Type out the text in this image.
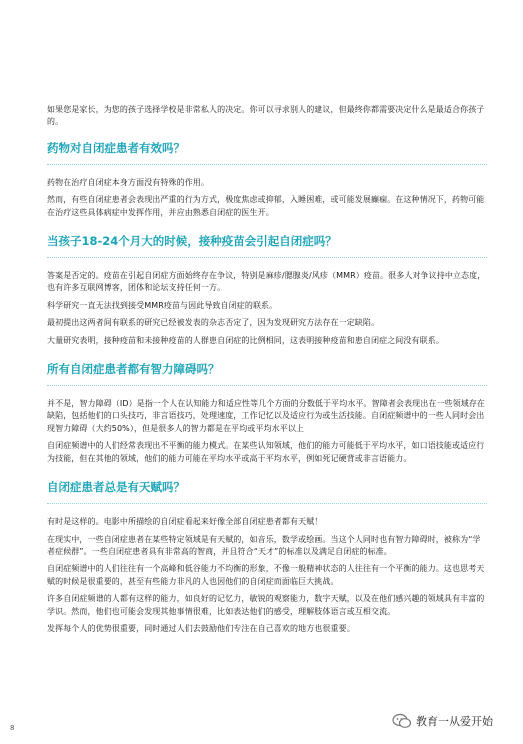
如果您是家长，为您的孩子选择学校是非常私人的决定。你可以寻求别人的建议，但最终你都需要决定什么是最适合你孩子的。

药物对自闭症患者有效吗？

药物在治疗自闭症本身方面没有特殊的作用。

然而，有些自闭症患者会表现出严重的行为方式，极度焦虑或抑郁，入睡困难，或可能发展癫痫。在这种情况下，药物可能在治疗这些具体病症中发挥作用，并应由熟悉自闭症的医生开。

当孩子18-24个月大的时候，接种疫苗会引起自闭症吗？

答案是否定的。疫苗在引起自闭症方面始终存在争议，特别是麻疹/腮腺炎/风疹（MMR）疫苗。很多人对争议持中立态度，也有许多互联网博客，团体和论坛支持任何一方。

科学研究一直无法找到接受MMR疫苗与因此导致自闭症的联系。

最初提出这两者间有联系的研究已经被发表的杂志否定了，因为发现研究方法存在一定缺陷。

大量研究表明，接种疫苗和未接种疫苗的人群患自闭症的比例相同，这表明接种疫苗和患自闭症之间没有联系。

所有自闭症患者都有智力障碍吗？

并不是，智力障碍（ID）是指一个人在认知能力和适应性等几个方面的分数低于平均水平。智障者会表现出在一些领域存在缺陷，包括他们的口头技巧，非言语技巧，处理速度，工作记忆以及适应行为或生活技能。自闭症频谱中的一些人同时会出现智力障碍（大约50%），但是很多人的智力都是在平均或平均水平以上

自闭症频谱中的人们经常表现出不平衡的能力模式。在某些认知领域，他们的能力可能低于平均水平，如口语技能或适应行为技能，但在其他的领域，他们的能力可能在平均水平或高于平均水平，例如死记硬背或非言语能力。

自闭症患者总是有天赋吗？

有时是这样的。电影中所描绘的自闭症看起来好像全部自闭症患者都有天赋！

在现实中，一些自闭症患者在某些特定领域是有天赋的，如音乐，数学或绘画。当这个人同时也有智力障碍时，被称为“学者症候群”。一些自闭症患者具有非常高的智商，并且符合“天才”的标准以及满足自闭症的标准。

自闭症频谱中的人们往往有一个高峰和低谷能力不均衡的形象，不像一般精神状态的人往往有一个平衡的能力。这也思考天赋的时候是很重要的，甚至有些能力非凡的人也因他们的自闭症而面临巨大挑战。

许多自闭症频谱的人都有这样的能力，如良好的记忆力，敏锐的观察能力，数字天赋，以及在他们感兴趣的领域具有丰富的学识。然而，他们也可能会发现其他事情很难，比如表达他们的感受，理解肢体语言或互相交流。

发挥每个人的优势很重要，同时通过人们去鼓励他们专注在自己喜欢的地方也很重要。

8	教育一从爱开始
